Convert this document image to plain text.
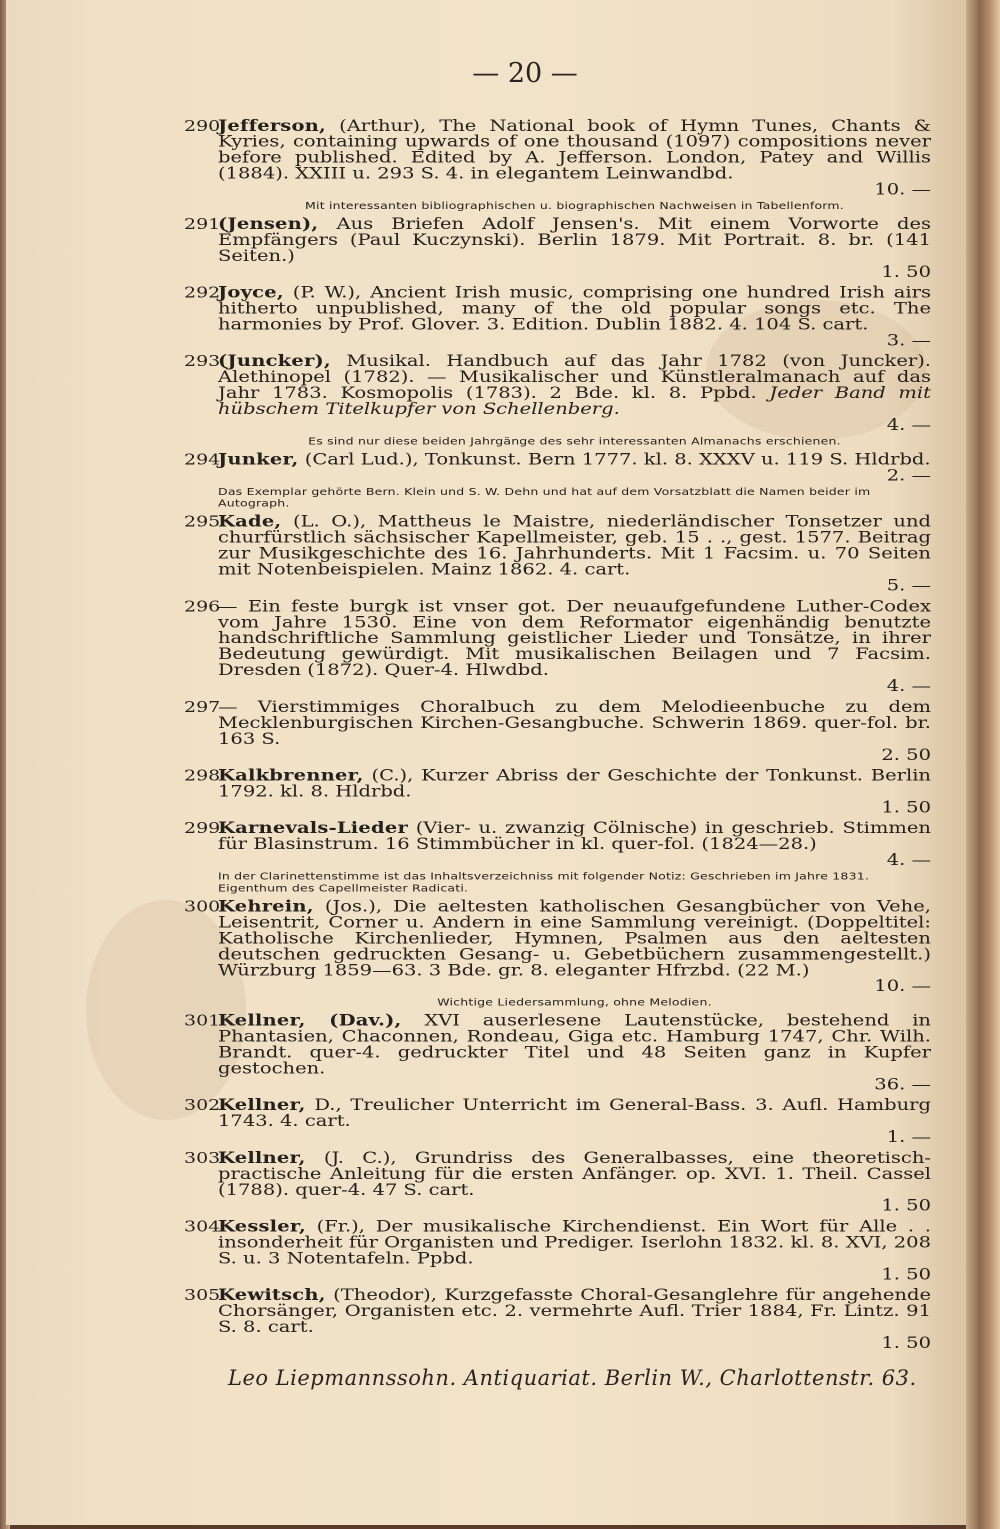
— 20 —
290
Jefferson, (Arthur), The National book of Hymn Tunes, Chants & Kyries, containing upwards of one thousand (1097) compositions never before published. Edited by A. Jefferson. London, Patey and Willis (1884). XXIII u. 293 S. 4. in elegantem Leinwandbd.
10. —
Mit interessanten bibliographischen u. biographischen Nachweisen in Tabellenform.
291
(Jensen), Aus Briefen Adolf Jensen's. Mit einem Vorworte des Empfängers (Paul Kuczynski). Berlin 1879. Mit Portrait. 8. br. (141 Seiten.)
1. 50
292
Joyce, (P. W.), Ancient Irish music, comprising one hundred Irish airs hitherto unpublished, many of the old popular songs etc. The harmonies by Prof. Glover. 3. Edition. Dublin 1882. 4. 104 S. cart.
3. —
293
(Juncker), Musikal. Handbuch auf das Jahr 1782 (von Juncker). Alethinopel (1782). — Musikalischer und Künstleralmanach auf das Jahr 1783. Kosmopolis (1783). 2 Bde. kl. 8. Ppbd. Jeder Band mit hübschem Titelkupfer von Schellenberg.
4. —
Es sind nur diese beiden Jahrgänge des sehr interessanten Almanachs erschienen.
294
Junker, (Carl Lud.), Tonkunst. Bern 1777. kl. 8. XXXV u. 119 S. Hldrbd.
2. —
Das Exemplar gehörte Bern. Klein und S. W. Dehn und hat auf dem Vorsatzblatt die Namen beider im Autograph.
295
Kade, (L. O.), Mattheus le Maistre, niederländischer Tonsetzer und churfürstlich sächsischer Kapellmeister, geb. 15 . ., gest. 1577. Beitrag zur Musikgeschichte des 16. Jahrhunderts. Mit 1 Facsim. u. 70 Seiten mit Notenbeispielen. Mainz 1862. 4. cart.
5. —
296
— Ein feste burgk ist vnser got. Der neuaufgefundene Luther-Codex vom Jahre 1530. Eine von dem Reformator eigenhändig benutzte handschriftliche Sammlung geistlicher Lieder und Tonsätze, in ihrer Bedeutung gewürdigt. Mit musikalischen Beilagen und 7 Facsim. Dresden (1872). Quer-4. Hlwdbd.
4. —
297
— Vierstimmiges Choralbuch zu dem Melodieenbuche zu dem Mecklenburgischen Kirchen-Gesangbuche. Schwerin 1869. quer-fol. br. 163 S.
2. 50
298
Kalkbrenner, (C.), Kurzer Abriss der Geschichte der Tonkunst. Berlin 1792. kl. 8. Hldrbd.
1. 50
299
Karnevals-Lieder (Vier- u. zwanzig Cölnische) in geschrieb. Stimmen für Blasinstrum. 16 Stimmbücher in kl. quer-fol. (1824—28.)
4. —
In der Clarinettenstimme ist das Inhaltsverzeichniss mit folgender Notiz: Geschrieben im Jahre 1831. Eigenthum des Capellmeister Radicati.
300
Kehrein, (Jos.), Die aeltesten katholischen Gesangbücher von Vehe, Leisentrit, Corner u. Andern in eine Sammlung vereinigt. (Doppeltitel: Katholische Kirchenlieder, Hymnen, Psalmen aus den aeltesten deutschen gedruckten Gesang- u. Gebetbüchern zusammengestellt.) Würzburg 1859—63. 3 Bde. gr. 8. eleganter Hfrzbd. (22 M.)
10. —
Wichtige Liedersammlung, ohne Melodien.
301
Kellner, (Dav.), XVI auserlesene Lautenstücke, bestehend in Phantasien, Chaconnen, Rondeau, Giga etc. Hamburg 1747, Chr. Wilh. Brandt. quer-4. gedruckter Titel und 48 Seiten ganz in Kupfer gestochen.
36. —
302
Kellner, D., Treulicher Unterricht im General-Bass. 3. Aufl. Hamburg 1743. 4. cart.
1. —
303
Kellner, (J. C.), Grundriss des Generalbasses, eine theoretisch-practische Anleitung für die ersten Anfänger. op. XVI. 1. Theil. Cassel (1788). quer-4. 47 S. cart.
1. 50
304
Kessler, (Fr.), Der musikalische Kirchendienst. Ein Wort für Alle . . insonderheit für Organisten und Prediger. Iserlohn 1832. kl. 8. XVI, 208 S. u. 3 Notentafeln. Ppbd.
1. 50
305
Kewitsch, (Theodor), Kurzgefasste Choral-Gesanglehre für angehende Chorsänger, Organisten etc. 2. vermehrte Aufl. Trier 1884, Fr. Lintz. 91 S. 8. cart.
1. 50
Leo Liepmannssohn. Antiquariat. Berlin W., Charlottenstr. 63.
